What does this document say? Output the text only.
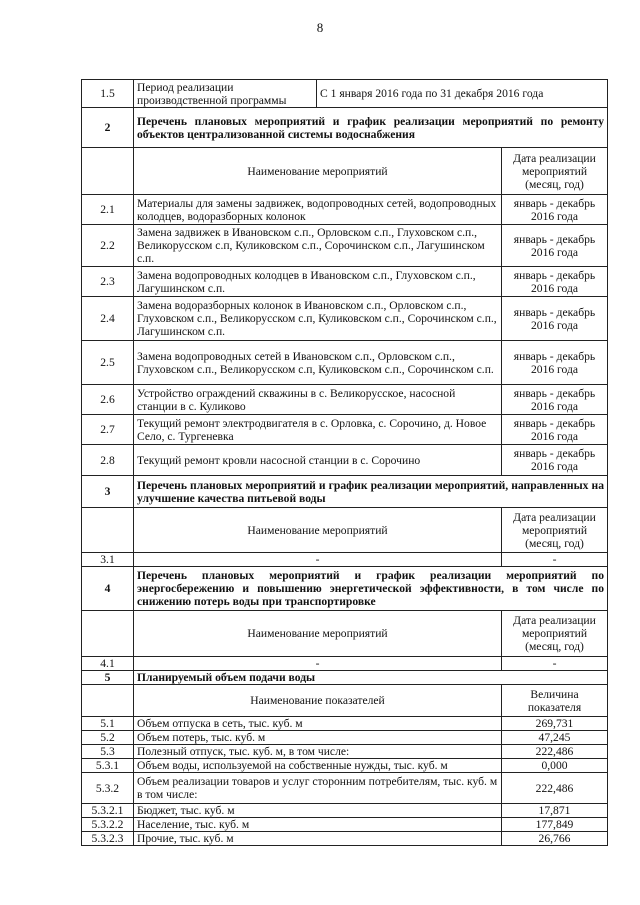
8
1.5	Период реализации производственной программы	С 1 января 2016 года по 31 декабря 2016 года	
2	Перечень плановых мероприятий и график реализации мероприятий по ремонту объектов централизованной системы водоснабжения		
	Наименование мероприятий		Дата реализации мероприятий (месяц, год)
2.1	Материалы для замены задвижек, водопроводных сетей, водопроводных колодцев, водоразборных колонок		январь - декабрь 2016 года
2.2	Замена задвижек в Ивановском с.п., Орловском с.п., Глуховском с.п., Великорусском с.п, Куликовском с.п., Сорочинском с.п., Лагушинском с.п.		январь - декабрь 2016 года
2.3	Замена водопроводных колодцев в Ивановском с.п., Глуховском с.п., Лагушинском с.п.		январь - декабрь 2016 года
2.4	Замена водоразборных колонок в Ивановском с.п., Орловском с.п., Глуховском с.п., Великорусском с.п, Куликовском с.п., Сорочинском с.п., Лагушинском с.п.		январь - декабрь 2016 года
2.5	Замена водопроводных сетей в Ивановском с.п., Орловском с.п., Глуховском с.п., Великорусском с.п, Куликовском с.п., Сорочинском с.п.		январь - декабрь 2016 года
2.6	Устройство ограждений скважины в с. Великорусское, насосной станции в с. Куликово		январь - декабрь 2016 года
2.7	Текущий ремонт электродвигателя в с. Орловка, с. Сорочино, д. Новое Село, с. Тургеневка		январь - декабрь 2016 года
2.8	Текущий ремонт кровли насосной станции в с. Сорочино		январь - декабрь 2016 года
3	Перечень плановых мероприятий и график реализации мероприятий, направленных на улучшение качества питьевой воды		
	Наименование мероприятий		Дата реализации мероприятий (месяц, год)
3.1	-		-
4	Перечень плановых мероприятий и график реализации мероприятий по энергосбережению и повышению энергетической эффективности, в том числе по снижению потерь воды при транспортировке		
	Наименование мероприятий		Дата реализации мероприятий (месяц, год)
4.1	-		-
5	Планируемый объем подачи воды		
	Наименование показателей		Величина показателя
5.1	Объем отпуска в сеть, тыс. куб. м		269,731
5.2	Объем потерь, тыс. куб. м		47,245
5.3	Полезный отпуск, тыс. куб. м, в том числе:		222,486
5.3.1	Объем воды, используемой на собственные нужды, тыс. куб. м		0,000
5.3.2	Объем реализации товаров и услуг сторонним потребителям, тыс. куб. м в том числе:		222,486
5.3.2.1	Бюджет, тыс. куб. м		17,871
5.3.2.2	Население, тыс. куб. м		177,849
5.3.2.3	Прочие, тыс. куб. м		26,766
